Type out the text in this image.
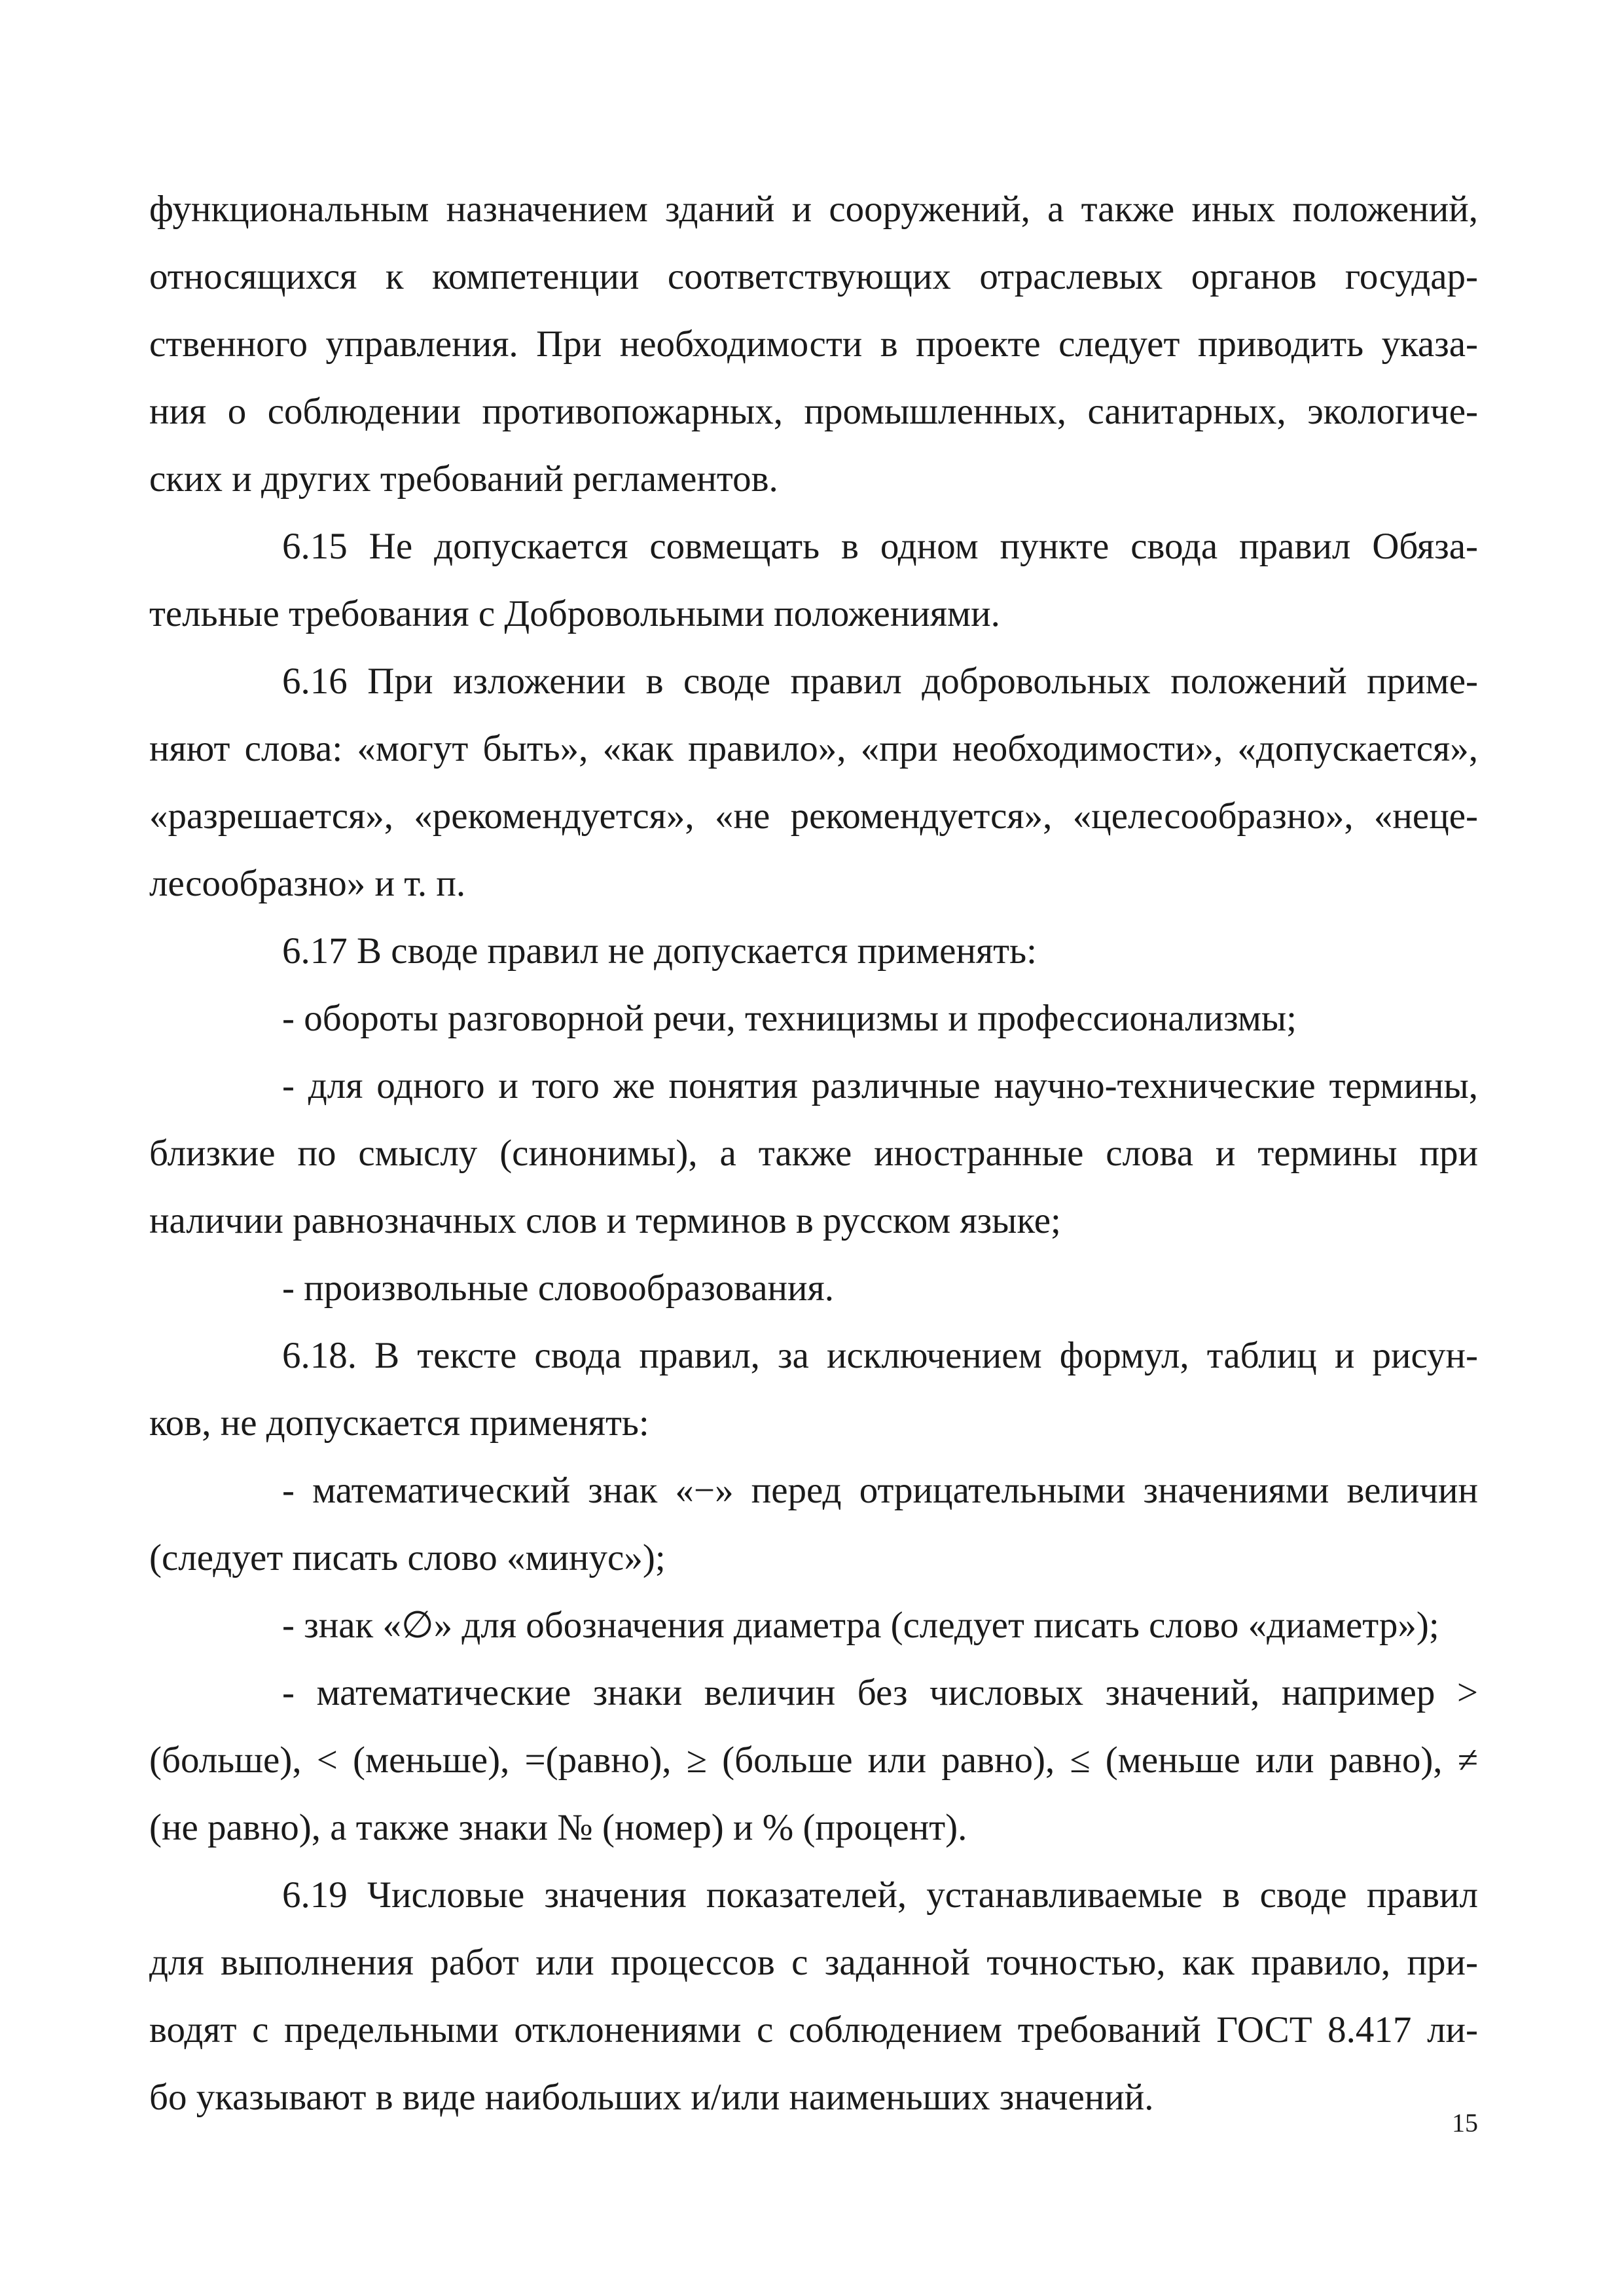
функциональным назначением зданий и сооружений, а также иных положений,
относящихся к компетенции соответствующих отраслевых органов государ-
ственного управления. При необходимости в проекте следует приводить указа-
ния о соблюдении противопожарных, промышленных, санитарных, экологиче-
ских и других требований регламентов.
6.15 Не допускается совмещать в одном пункте свода правил Обяза-
тельные требования с Добровольными положениями.
6.16 При изложении в своде правил добровольных положений приме-
няют слова: «могут быть», «как правило», «при необходимости», «допускается»,
«разрешается», «рекомендуется», «не рекомендуется», «целесообразно», «неце-
лесообразно» и т. п.
6.17 В своде правил не допускается применять:
- обороты разговорной речи, техницизмы и профессионализмы;
- для одного и того же понятия различные научно-технические термины,
близкие по смыслу (синонимы), а также иностранные слова и термины при
наличии равнозначных слов и терминов в русском языке;
- произвольные словообразования.
6.18. В тексте свода правил, за исключением формул, таблиц и рисун-
ков, не допускается применять:
- математический знак «−» перед отрицательными значениями величин
(следует писать слово «минус»);
- знак «∅» для обозначения диаметра (следует писать слово «диаметр»);
- математические знаки величин без числовых значений, например >
(больше), < (меньше), =(равно), ≥ (больше или равно), ≤ (меньше или равно), ≠
(не равно), а также знаки № (номер) и % (процент).
6.19 Числовые значения показателей, устанавливаемые в своде правил
для выполнения работ или процессов с заданной точностью, как правило, при-
водят с предельными отклонениями с соблюдением требований ГОСТ 8.417 ли-
бо указывают в виде наибольших и/или наименьших значений.
15
